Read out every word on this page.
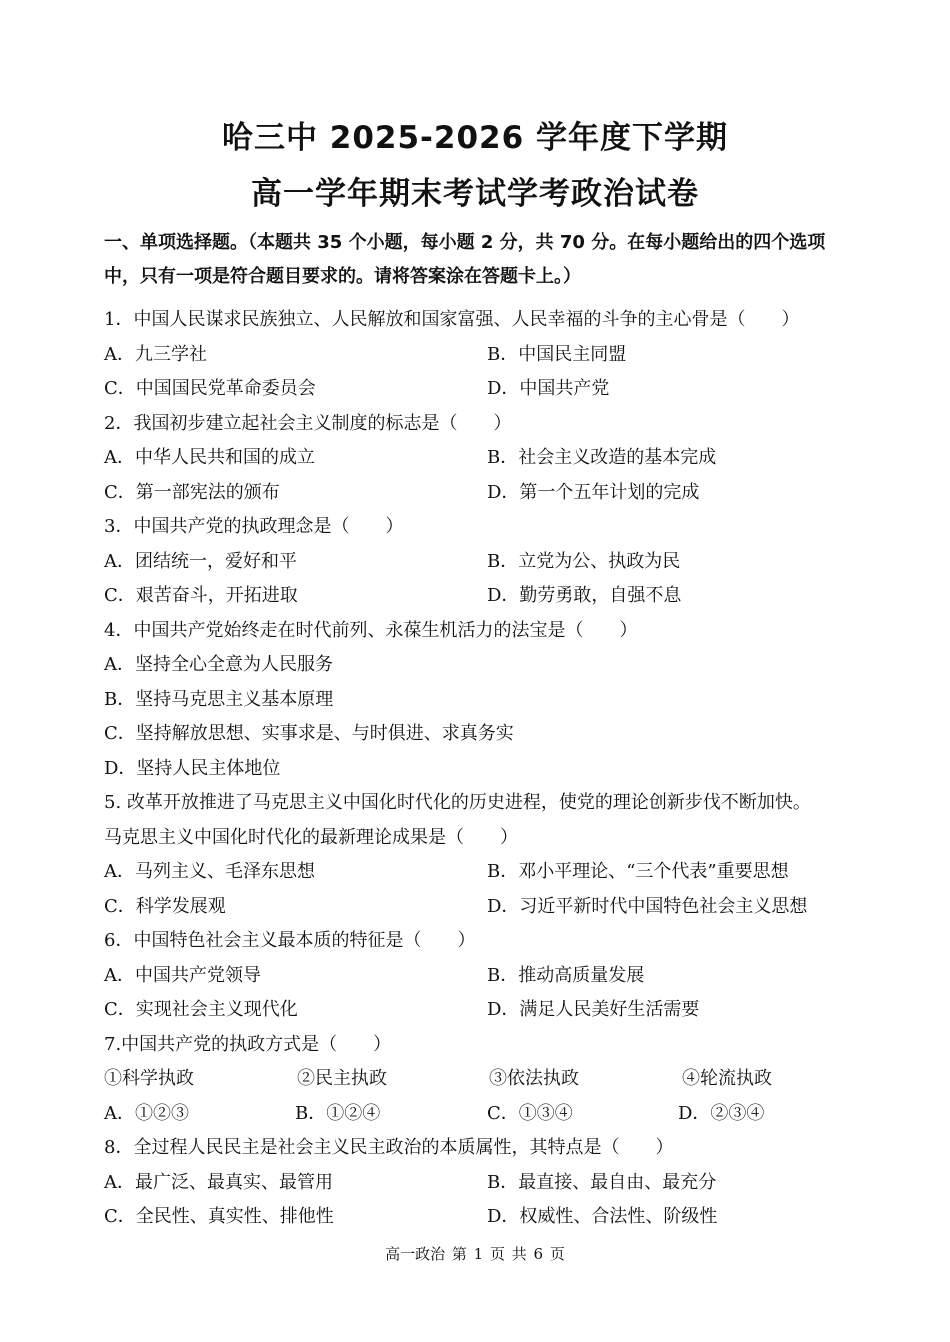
哈三中 2025-2026 学年度下学期
高一学年期末考试学考政治试卷
一、单项选择题。（本题共 35 个小题，每小题 2 分，共 70 分。在每小题给出的四个选项
中，只有一项是符合题目要求的。请将答案涂在答题卡上。）
1．中国人民谋求民族独立、人民解放和国家富强、人民幸福的斗争的主心骨是（　　）
A．九三学社	B．中国民主同盟
C．中国国民党革命委员会	D．中国共产党
2．我国初步建立起社会主义制度的标志是（　　）
A．中华人民共和国的成立	B．社会主义改造的基本完成
C．第一部宪法的颁布	D．第一个五年计划的完成
3．中国共产党的执政理念是（　　）
A．团结统一，爱好和平	B．立党为公、执政为民
C．艰苦奋斗，开拓进取	D．勤劳勇敢，自强不息
4．中国共产党始终走在时代前列、永葆生机活力的法宝是（　　）
A．坚持全心全意为人民服务
B．坚持马克思主义基本原理
C．坚持解放思想、实事求是、与时俱进、求真务实
D．坚持人民主体地位
5. 改革开放推进了马克思主义中国化时代化的历史进程，使党的理论创新步伐不断加快。
马克思主义中国化时代化的最新理论成果是（　　）
A．马列主义、毛泽东思想	B．邓小平理论、“三个代表”重要思想
C．科学发展观	D．习近平新时代中国特色社会主义思想
6．中国特色社会主义最本质的特征是（　　）
A．中国共产党领导	B．推动高质量发展
C．实现社会主义现代化	D．满足人民美好生活需要
7.中国共产党的执政方式是（　　）
①科学执政	②民主执政	③依法执政	④轮流执政
A．①②③	B．①②④	C．①③④	D．②③④
8．全过程人民民主是社会主义民主政治的本质属性，其特点是（　　）
A．最广泛、最真实、最管用	B．最直接、最自由、最充分
C．全民性、真实性、排他性	D．权威性、合法性、阶级性
高一政治 第 1 页 共 6 页
